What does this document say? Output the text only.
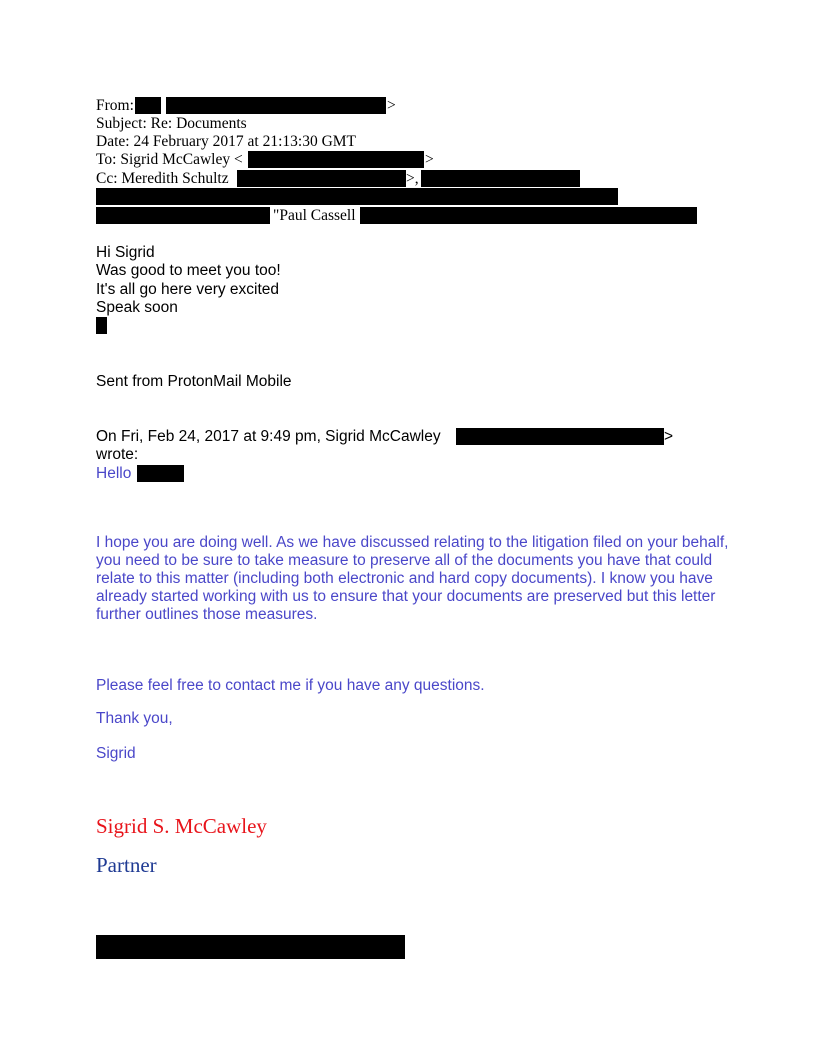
From:	>
Subject: Re: Documents
Date: 24 February 2017 at 21:13:30 GMT
To: Sigrid McCawley <	>
Cc: Meredith Schultz	>,
"Paul Cassell
Hi Sigrid
Was good to meet you too!
It's all go here very excited
Speak soon
Sent from ProtonMail Mobile
On Fri, Feb 24, 2017 at 9:49 pm, Sigrid McCawley	>
wrote:
Hello
I hope you are doing well. As we have discussed relating to the litigation filed on your behalf, you need to be sure to take measure to preserve all of the documents you have that could relate to this matter (including both electronic and hard copy documents). I know you have already started working with us to ensure that your documents are preserved but this letter further outlines those measures.
Please feel free to contact me if you have any questions.
Thank you,
Sigrid
Sigrid S. McCawley
Partner
